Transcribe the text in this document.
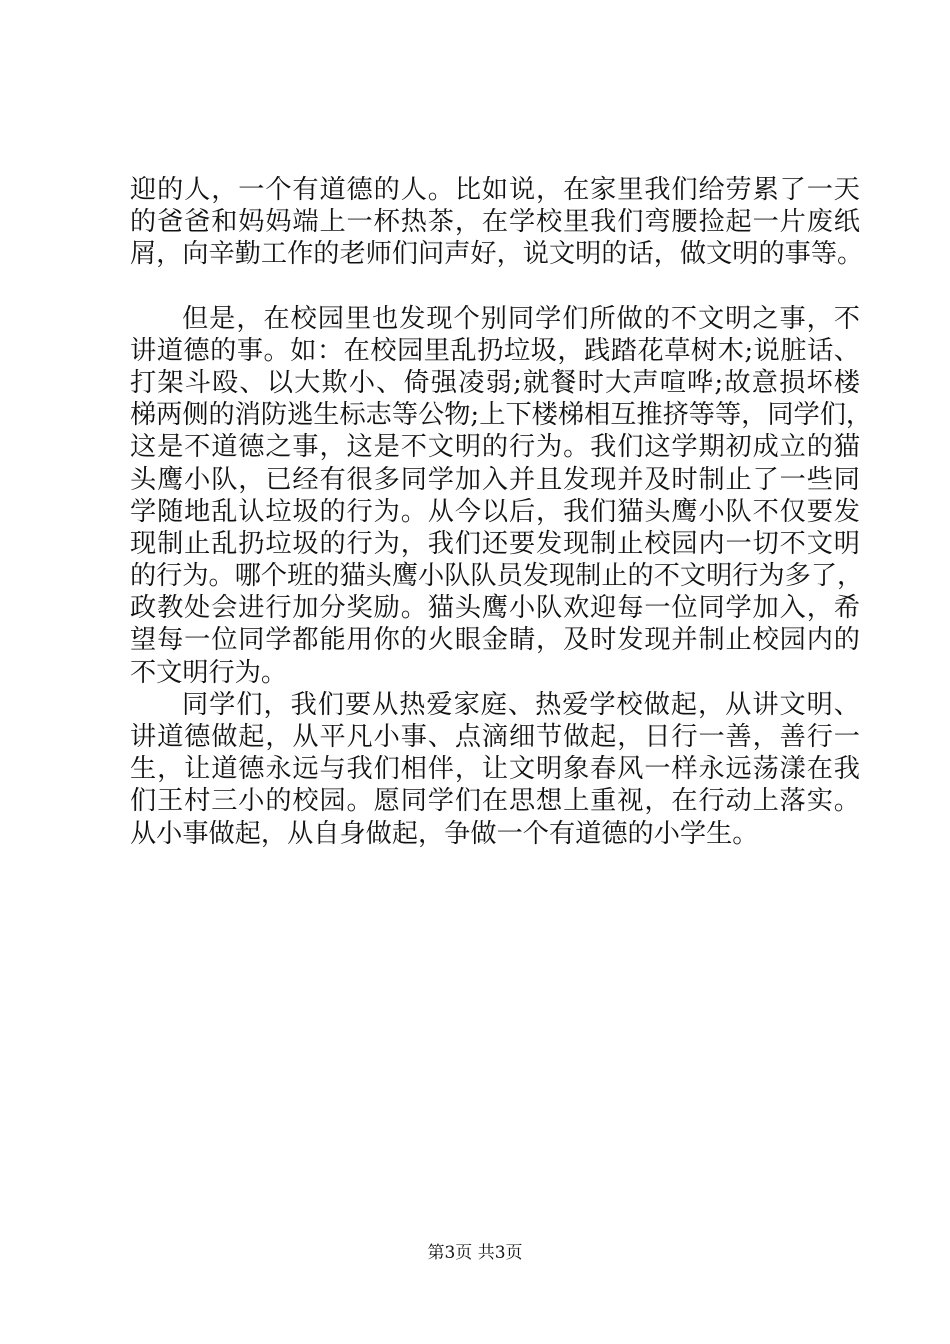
迎的人，一个有道德的人。比如说，在家里我们给劳累了一天
的爸爸和妈妈端上一杯热茶，在学校里我们弯腰捡起一片废纸
屑，向辛勤工作的老师们问声好，说文明的话，做文明的事等。
但是，在校园里也发现个别同学们所做的不文明之事，不
讲道德的事。如：在校园里乱扔垃圾，践踏花草树木;说脏话、
打架斗殴、以大欺小、倚强凌弱;就餐时大声喧哗;故意损坏楼
梯两侧的消防逃生标志等公物;上下楼梯相互推挤等等，同学们，
这是不道德之事，这是不文明的行为。我们这学期初成立的猫
头鹰小队，已经有很多同学加入并且发现并及时制止了一些同
学随地乱认垃圾的行为。从今以后，我们猫头鹰小队不仅要发
现制止乱扔垃圾的行为，我们还要发现制止校园内一切不文明
的行为。哪个班的猫头鹰小队队员发现制止的不文明行为多了，
政教处会进行加分奖励。猫头鹰小队欢迎每一位同学加入，希
望每一位同学都能用你的火眼金睛，及时发现并制止校园内的
不文明行为。
同学们，我们要从热爱家庭、热爱学校做起，从讲文明、
讲道德做起，从平凡小事、点滴细节做起，日行一善，善行一
生，让道德永远与我们相伴，让文明象春风一样永远荡漾在我
们王村三小的校园。愿同学们在思想上重视，在行动上落实。
从小事做起，从自身做起，争做一个有道德的小学生。
第3页 共3页
